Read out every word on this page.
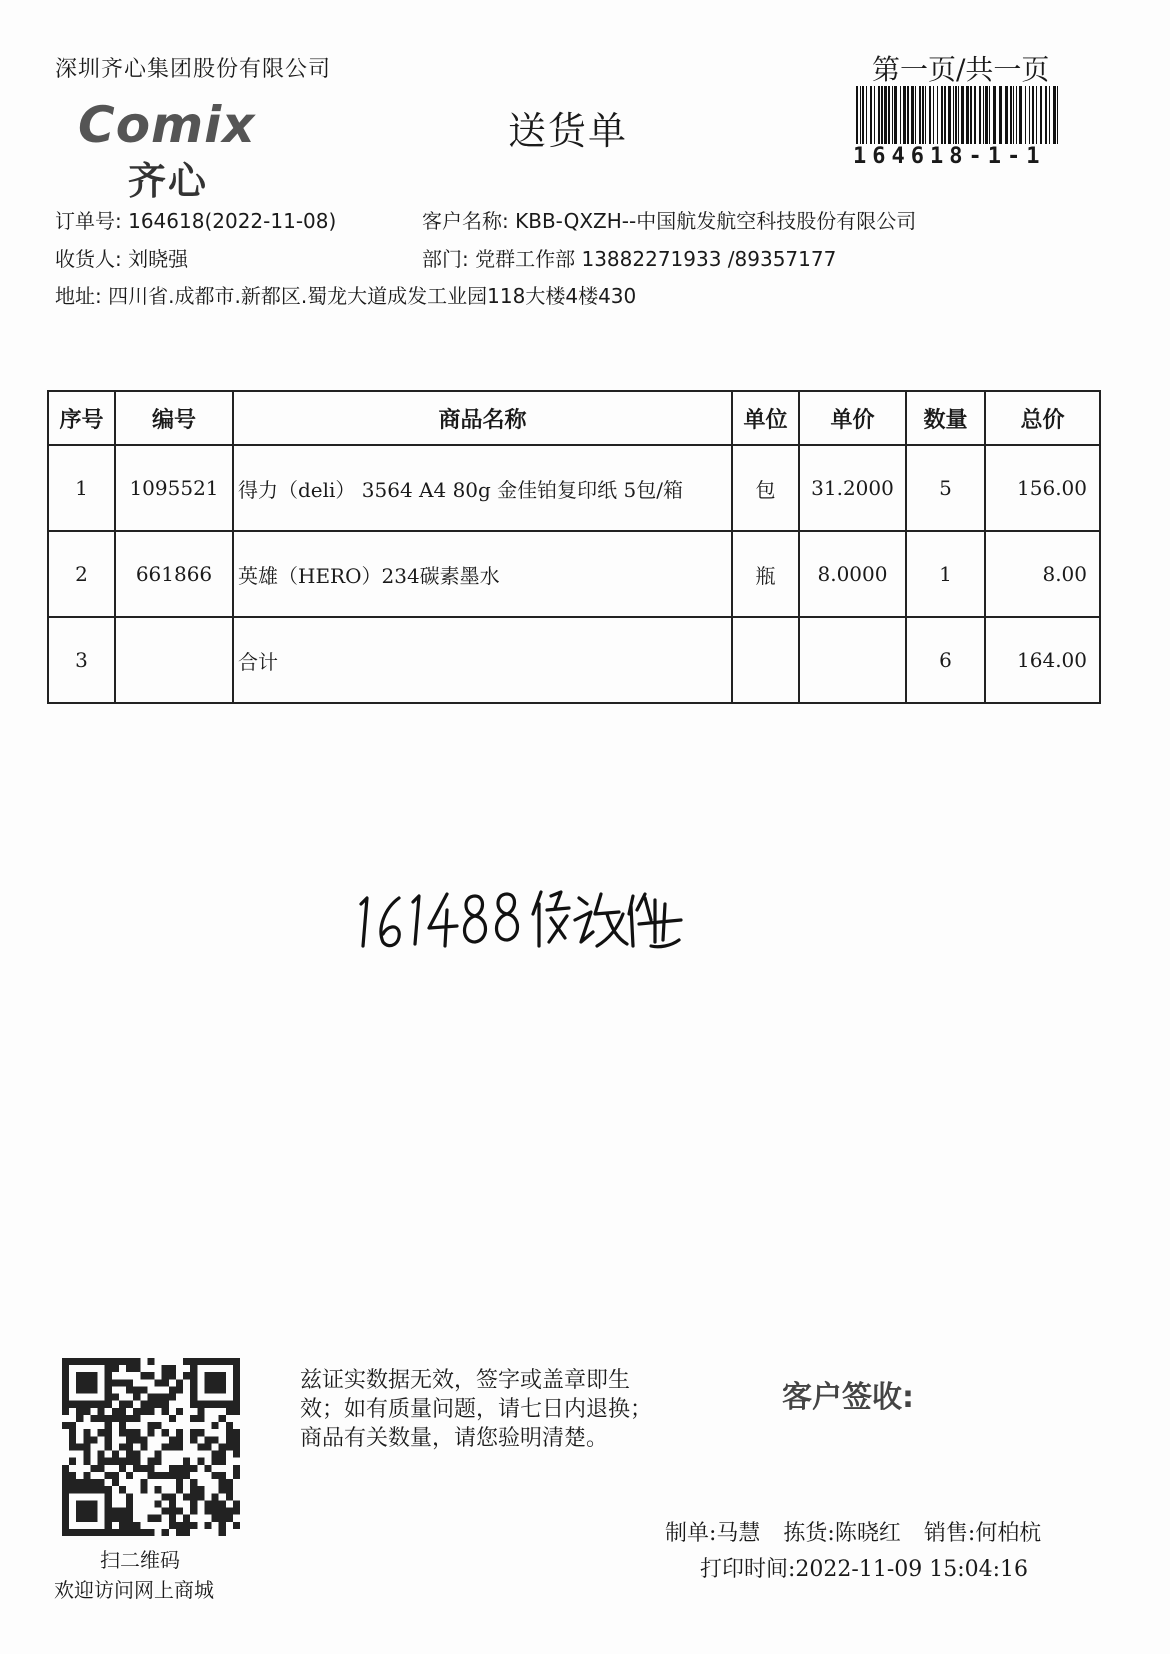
深圳齐心集团股份有限公司	第一页/共一页
164618-1-1
Comix
齐心
送货单
订单号: 164618(2022-11-08)	客户名称: KBB-QXZH--中国航发航空科技股份有限公司
收货人: 刘晓强	部门: 党群工作部 13882271933 /89357177
地址: 四川省.成都市.新都区.蜀龙大道成发工业园118大楼4楼430
序号	编号	商品名称	单位	单价	数量	总价
1	1095521	得力（deli） 3564 A4 80g 金佳铂复印纸 5包/箱	包	31.2000	5	156.00
2	661866	英雄（HERO）234碳素墨水	瓶	8.0000	1	8.00
3		合计			6	164.00
扫二维码
欢迎访问网上商城
兹证实数据无效，签字或盖章即生
效；如有质量问题，请七日内退换；
商品有关数量，请您验明清楚。
客户签收:
制单:马慧 拣货:陈晓红 销售:何柏杭
打印时间:2022-11-09 15:04:16
